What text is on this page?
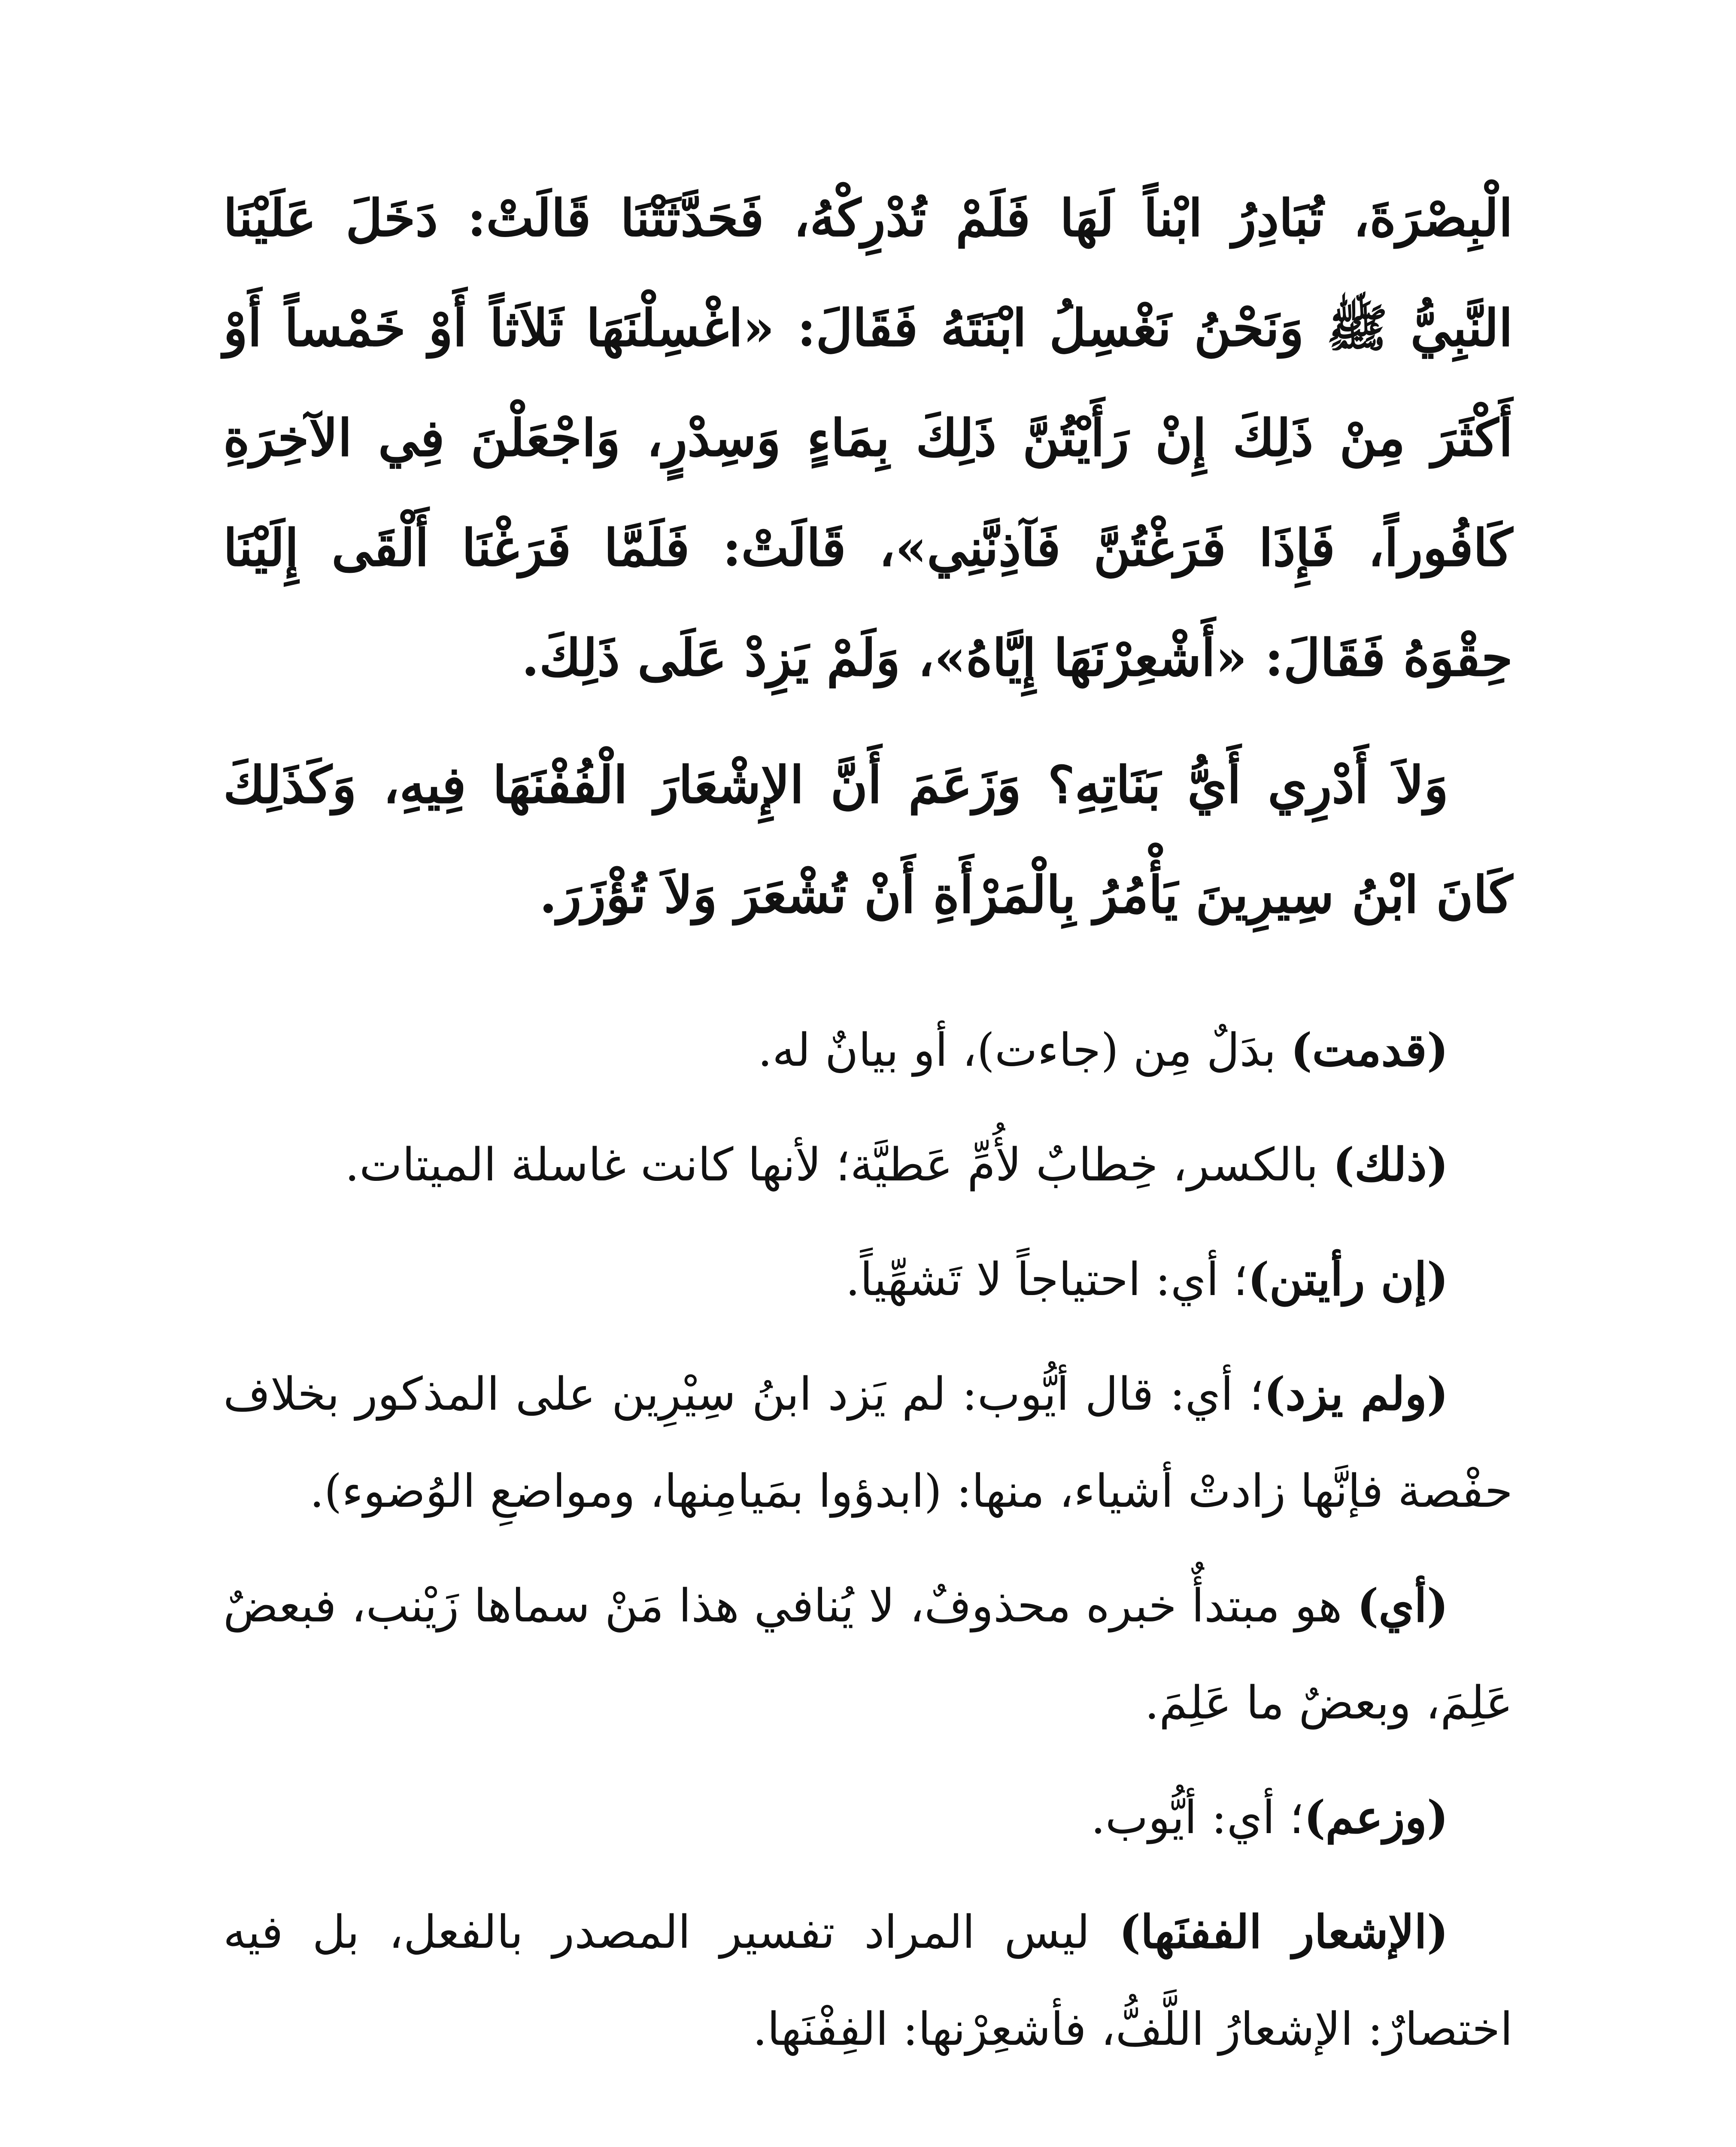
الْبِصْرَةَ، تُبَادِرُ ابْناً لَهَا فَلَمْ تُدْرِكْهُ، فَحَدَّثَتْنَا قَالَتْ: دَخَلَ عَلَيْنَا النَّبِيُّ ﷺ وَنَحْنُ نَغْسِلُ ابْنَتَهُ فَقَالَ: «اغْسِلْنَهَا ثَلاَثاً أَوْ خَمْساً أَوْ أَكْثَرَ مِنْ ذَلِكَ إِنْ رَأَيْتُنَّ ذَلِكَ بِمَاءٍ وَسِدْرٍ، وَاجْعَلْنَ فِي الآخِرَةِ كَافُوراً، فَإِذَا فَرَغْتُنَّ فَآذِنَّنِي»، قَالَتْ: فَلَمَّا فَرَغْنَا أَلْقَى إِلَيْنَا حِقْوَهُ فَقَالَ: «أَشْعِرْنَهَا إِيَّاهُ»، وَلَمْ يَزِدْ عَلَى ذَلِكَ.

وَلاَ أَدْرِي أَيُّ بَنَاتِهِ؟ وَزَعَمَ أَنَّ الإِشْعَارَ الْفُفْنَهَا فِيهِ، وَكَذَلِكَ كَانَ ابْنُ سِيرِينَ يَأْمُرُ بِالْمَرْأَةِ أَنْ تُشْعَرَ وَلاَ تُؤْزَرَ.

(قدمت) بدَلٌ مِن (جاءت)، أو بيانٌ له.

(ذلك) بالكسر، خِطابٌ لأُمِّ عَطيَّة؛ لأنها كانت غاسلة الميتات.

(إن رأيتن)؛ أي: احتياجاً لا تَشهِّياً.

(ولم يزد)؛ أي: قال أيُّوب: لم يَزد ابنُ سِيْرِين على المذكور بخلاف حفْصة فإنَّها زادتْ أشياء، منها: (ابدؤوا بمَيامِنها، ومواضعِ الوُضوء).

(أي) هو مبتدأٌ خبره محذوفٌ، لا يُنافي هذا مَنْ سماها زَيْنب، فبعضٌ عَلِمَ، وبعضٌ ما عَلِمَ.

(وزعم)؛ أي: أيُّوب.

(الإشعار الففنَها) ليس المراد تفسير المصدر بالفعل، بل فيه اختصارٌ: الإشعارُ اللَّفُّ، فأشعِرْنها: الفِفْنَها.
